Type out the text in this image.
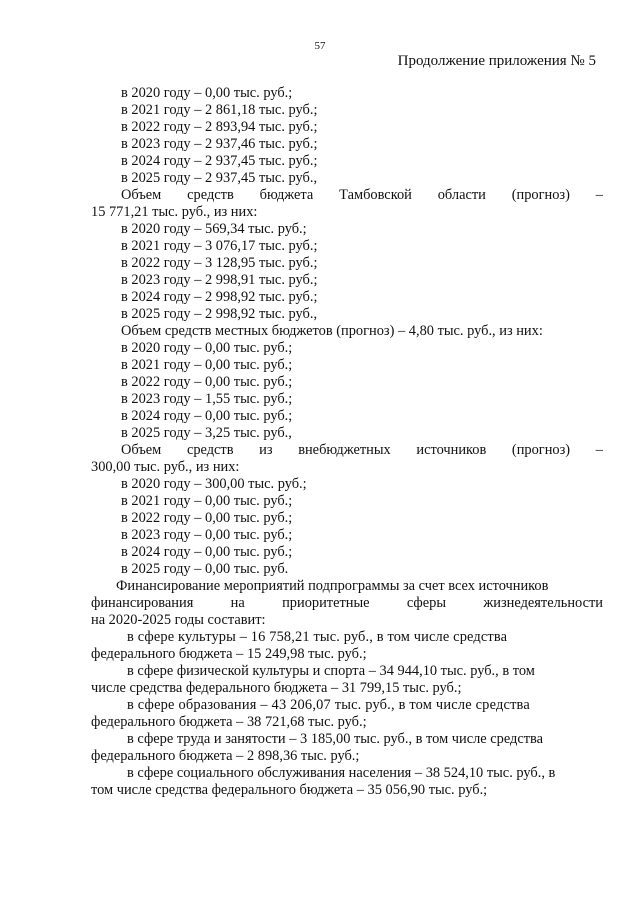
57
Продолжение приложения № 5
в 2020 году – 0,00 тыс. руб.;
в 2021 году – 2 861,18 тыс. руб.;
в 2022 году – 2 893,94 тыс. руб.;
в 2023 году – 2 937,46 тыс. руб.;
в 2024 году – 2 937,45 тыс. руб.;
в 2025 году – 2 937,45 тыс. руб.,
Объем средств бюджета Тамбовской области (прогноз) –
15 771,21 тыс. руб., из них:
в 2020 году – 569,34 тыс. руб.;
в 2021 году – 3 076,17 тыс. руб.;
в 2022 году – 3 128,95 тыс. руб.;
в 2023 году – 2 998,91 тыс. руб.;
в 2024 году – 2 998,92 тыс. руб.;
в 2025 году – 2 998,92 тыс. руб.,
Объем средств местных бюджетов (прогноз) – 4,80 тыс. руб., из них:
в 2020 году – 0,00 тыс. руб.;
в 2021 году – 0,00 тыс. руб.;
в 2022 году – 0,00 тыс. руб.;
в 2023 году – 1,55 тыс. руб.;
в 2024 году – 0,00 тыс. руб.;
в 2025 году – 3,25 тыс. руб.,
Объем средств из внебюджетных источников (прогноз) –
300,00 тыс. руб., из них:
в 2020 году – 300,00 тыс. руб.;
в 2021 году – 0,00 тыс. руб.;
в 2022 году – 0,00 тыс. руб.;
в 2023 году – 0,00 тыс. руб.;
в 2024 году – 0,00 тыс. руб.;
в 2025 году – 0,00 тыс. руб.
Финансирование мероприятий подпрограммы за счет всех источников
финансирования	на	приоритетные	сферы	жизнедеятельности
на 2020-2025 годы составит:
в сфере культуры – 16 758,21 тыс. руб., в том числе средства
федерального бюджета – 15 249,98 тыс. руб.;
в сфере физической культуры и спорта – 34 944,10 тыс. руб., в том
числе средства федерального бюджета – 31 799,15 тыс. руб.;
в сфере образования – 43 206,07 тыс. руб., в том числе средства
федерального бюджета – 38 721,68 тыс. руб.;
в сфере труда и занятости – 3 185,00 тыс. руб., в том числе средства
федерального бюджета – 2 898,36 тыс. руб.;
в сфере социального обслуживания населения – 38 524,10 тыс. руб., в
том числе средства федерального бюджета – 35 056,90 тыс. руб.;
